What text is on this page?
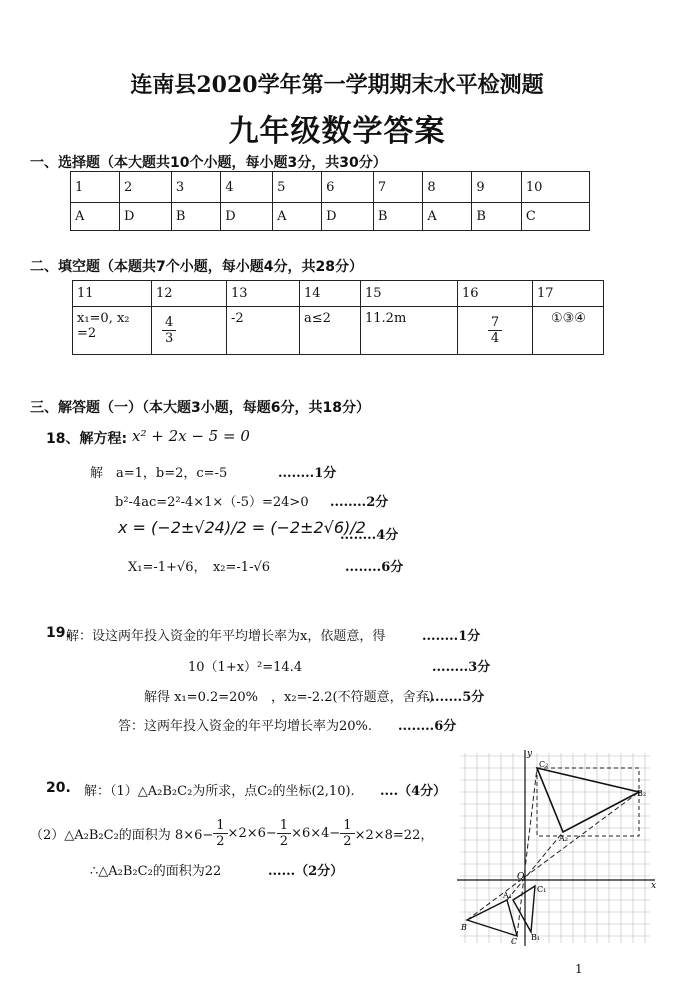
连南县2020学年第一学期期末水平检测题
九年级数学答案
一、选择题（本大题共10个小题，每小题3分，共30分）
1	2	3	4	5	6	7	8	9	10
A	D	B	D	A	D	B	A	B	C
二、填空题（本题共7个小题，每小题4分，共28分）
11	12	13	14	15	16	17
x₁=0, x₂ =2	$\frac{4}{3}$	-2	a≤2	11.2m	$\frac{7}{4}$	①③④
三、解答题（一）（本大题3小题，每题6分，共18分）
18、解方程: x² + 2x − 5 = 0
解　a=1，b=2，c=-5	........1分
b²-4ac=2²-4×1×（-5）=24>0 ........2分
x = (−2±√24)/2 = (−2±2√6)/2
........4分
X₁=-1+√6，　x₂=-1-√6	........6分
19.
解：设这两年投入资金的年平均增长率为x，依题意，得	........1分
10（1+x）²=14.4	........3分
解得 x₁=0.2=20%　，x₂=-2.2(不符题意，舍弃)
........5分
答：这两年投入资金的年平均增长率为20%. ........6分
20. 解：（1）△A₂B₂C₂为所求，点C₂的坐标(2,10). ....（4分）
（2）△A₂B₂C₂的面积为 $8\times 6- \frac{1}{2} \times 2\times 6- \frac{1}{2} \times 6\times 4- \frac{1}{2} \times 2\times 8=22$，
∴△A₂B₂C₂的面积为22	......（2分）
y
x
O
C₂
B₂
A₂
A₁
B₁
C₁
B
C
1
